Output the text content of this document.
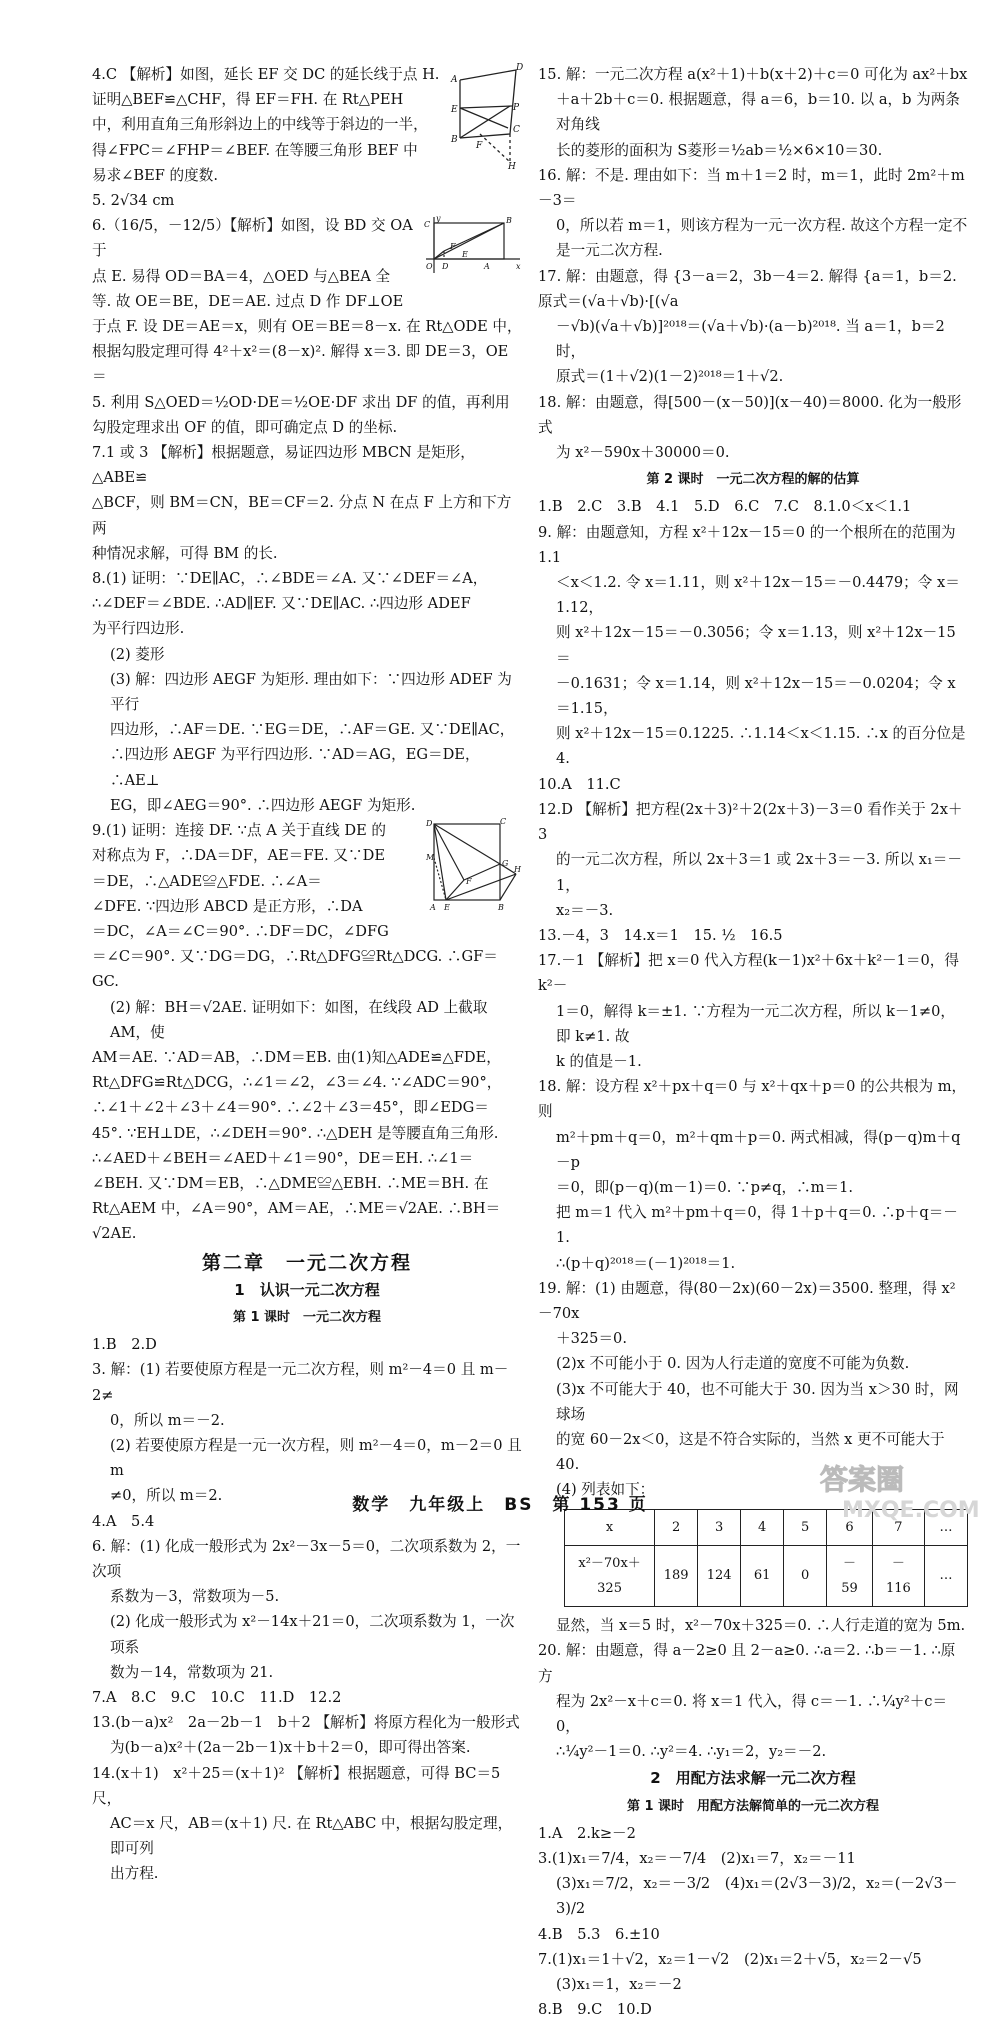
A
D
E	P
C
B
F
H
4.C 【解析】如图，延长 EF 交 DC 的延长线于点 H.
证明△BEF≌△CHF，得 EF＝FH. 在 Rt△PEH
中，利用直角三角形斜边上的中线等于斜边的一半，
得∠FPC＝∠FHP＝∠BEF. 在等腰三角形 BEF 中
易求∠BEF 的度数.
5. 2√34 cm
y	B
O
E
A	x
F
D
C
6.（16/5，－12/5）【解析】如图，设 BD 交 OA 于
点 E. 易得 OD＝BA＝4，△OED 与△BEA 全
等. 故 OE＝BE，DE＝AE. 过点 D 作 DF⊥OE
于点 F. 设 DE＝AE＝x，则有 OE＝BE＝8－x. 在 Rt△ODE 中，
根据勾股定理可得 4²＋x²＝(8－x)². 解得 x＝3. 即 DE＝3，OE＝
5. 利用 S△OED＝½OD·DE＝½OE·DF 求出 DF 的值，再利用
勾股定理求出 OF 的值，即可确定点 D 的坐标.
7.1 或 3 【解析】根据题意，易证四边形 MBCN 是矩形，△ABE≌
△BCF，则 BM＝CN，BE＝CF＝2. 分点 N 在点 F 上方和下方两
种情况求解，可得 BM 的长.
8.(1) 证明：∵DE∥AC，∴∠BDE＝∠A. 又∵∠DEF＝∠A，
∴∠DEF＝∠BDE. ∴AD∥EF. 又∵DE∥AC. ∴四边形 ADEF
为平行四边形.
(2) 菱形
(3) 解：四边形 AEGF 为矩形. 理由如下：∵四边形 ADEF 为平行
四边形，∴AF＝DE. ∵EG＝DE，∴AF＝GE. 又∵DE∥AC，
∴四边形 AEGF 为平行四边形. ∵AD＝AG，EG＝DE，∴AE⊥
EG，即∠AEG＝90°. ∴四边形 AEGF 为矩形.
D	C
M
G
F
H
A E	B
9.(1) 证明：连接 DF. ∵点 A 关于直线 DE 的
对称点为 F，∴DA＝DF，AE＝FE. 又∵DE
＝DE，∴△ADE≌△FDE. ∴∠A＝
∠DFE. ∵四边形 ABCD 是正方形，∴DA
＝DC，∠A＝∠C＝90°. ∴DF＝DC，∠DFG
＝∠C＝90°. 又∵DG＝DG，∴Rt△DFG≌Rt△DCG. ∴GF＝
GC.
(2) 解：BH＝√2AE. 证明如下：如图，在线段 AD 上截取 AM，使
AM＝AE. ∵AD＝AB，∴DM＝EB. 由(1)知△ADE≌△FDE，
Rt△DFG≌Rt△DCG，∴∠1＝∠2，∠3＝∠4. ∵∠ADC＝90°，
∴∠1＋∠2＋∠3＋∠4＝90°. ∴∠2＋∠3＝45°，即∠EDG＝
45°. ∵EH⊥DE，∴∠DEH＝90°. ∴△DEH 是等腰直角三角形.
∴∠AED＋∠BEH＝∠AED＋∠1＝90°，DE＝EH. ∴∠1＝
∠BEH. 又∵DM＝EB，∴△DME≌△EBH. ∴ME＝BH. 在
Rt△AEM 中，∠A＝90°，AM＝AE，∴ME＝√2AE. ∴BH＝√2AE.
第二章　一元二次方程
1　认识一元二次方程
第 1 课时　一元二次方程
1.B　2.D
3. 解：(1) 若要使原方程是一元二次方程，则 m²－4＝0 且 m－2≠
0，所以 m＝－2.
(2) 若要使原方程是一元一次方程，则 m²－4＝0，m－2＝0 且 m
≠0，所以 m＝2.
4.A　5.4
6. 解：(1) 化成一般形式为 2x²－3x－5＝0，二次项系数为 2，一次项
系数为－3，常数项为－5.
(2) 化成一般形式为 x²－14x＋21＝0，二次项系数为 1，一次项系
数为－14，常数项为 21.
7.A　8.C　9.C　10.C　11.D　12.2
13.(b－a)x²　2a－2b－1　b＋2 【解析】将原方程化为一般形式
为(b－a)x²＋(2a－2b－1)x＋b＋2＝0，即可得出答案.
14.(x＋1)　x²＋25＝(x＋1)² 【解析】根据题意，可得 BC＝5 尺，
AC＝x 尺，AB＝(x＋1) 尺. 在 Rt△ABC 中，根据勾股定理，即可列
出方程.
15. 解：一元二次方程 a(x²＋1)＋b(x＋2)＋c＝0 可化为 ax²＋bx
＋a＋2b＋c＝0. 根据题意，得 a＝6，b＝10. 以 a，b 为两条对角线
长的菱形的面积为 S菱形＝½ab＝½×6×10＝30.
16. 解：不是. 理由如下：当 m＋1＝2 时，m＝1，此时 2m²＋m－3＝
0，所以若 m＝1，则该方程为一元一次方程. 故这个方程一定不
是一元二次方程.
17. 解：由题意，得 {3－a＝2，3b－4＝2. 解得 {a＝1，b＝2. 原式＝(√a＋√b)·[(√a
－√b)(√a＋√b)]²⁰¹⁸＝(√a＋√b)·(a－b)²⁰¹⁸. 当 a＝1，b＝2 时，
原式＝(1＋√2)(1－2)²⁰¹⁸＝1＋√2.
18. 解：由题意，得[500－(x－50)](x－40)＝8000. 化为一般形式
为 x²－590x＋30000＝0.
第 2 课时　一元二次方程的解的估算
1.B　2.C　3.B　4.1　5.D　6.C　7.C　8.1.0＜x＜1.1
9. 解：由题意知，方程 x²＋12x－15＝0 的一个根所在的范围为 1.1
＜x＜1.2. 令 x＝1.11，则 x²＋12x－15＝－0.4479；令 x＝1.12，
则 x²＋12x－15＝－0.3056；令 x＝1.13，则 x²＋12x－15＝
－0.1631；令 x＝1.14，则 x²＋12x－15＝－0.0204；令 x＝1.15，
则 x²＋12x－15＝0.1225. ∴1.14＜x＜1.15. ∴x 的百分位是 4.
10.A　11.C
12.D 【解析】把方程(2x＋3)²＋2(2x＋3)－3＝0 看作关于 2x＋3
的一元二次方程，所以 2x＋3＝1 或 2x＋3＝－3. 所以 x₁＝－1，
x₂＝－3.
13.－4，3　14.x＝1　15. ½　16.5
17.－1 【解析】把 x＝0 代入方程(k－1)x²＋6x＋k²－1＝0，得 k²－
1＝0，解得 k＝±1. ∵方程为一元二次方程，所以 k－1≠0，即 k≠1. 故
k 的值是－1.
18. 解：设方程 x²＋px＋q＝0 与 x²＋qx＋p＝0 的公共根为 m，则
m²＋pm＋q＝0，m²＋qm＋p＝0. 两式相减，得(p－q)m＋q－p
＝0，即(p－q)(m－1)＝0. ∵p≠q，∴m＝1.
把 m＝1 代入 m²＋pm＋q＝0，得 1＋p＋q＝0. ∴p＋q＝－1.
∴(p＋q)²⁰¹⁸＝(－1)²⁰¹⁸＝1.
19. 解：(1) 由题意，得(80－2x)(60－2x)＝3500. 整理，得 x²－70x
＋325＝0.
(2)x 不可能小于 0. 因为人行走道的宽度不可能为负数.
(3)x 不可能大于 40，也不可能大于 30. 因为当 x＞30 时，网球场
的宽 60－2x＜0，这是不符合实际的，当然 x 更不可能大于 40.
(4) 列表如下：
x	2	3	4	5	6	7	…
x²－70x＋325	189	124	61	0	－59	－116	…
显然，当 x＝5 时，x²－70x＋325＝0. ∴人行走道的宽为 5m.
20. 解：由题意，得 a－2≥0 且 2－a≥0. ∴a＝2. ∴b＝－1. ∴原方
程为 2x²－x＋c＝0. 将 x＝1 代入，得 c＝－1. ∴¼y²＋c＝0，
∴¼y²－1＝0. ∴y²＝4. ∴y₁＝2，y₂＝－2.
2　用配方法求解一元二次方程
第 1 课时　用配方法解简单的一元二次方程
1.A　2.k≥－2
3.(1)x₁＝7/4，x₂＝－7/4　(2)x₁＝7，x₂＝－11
(3)x₁＝7/2，x₂＝－3/2　(4)x₁＝(2√3－3)/2，x₂＝(－2√3－3)/2
4.B　5.3　6.±10
7.(1)x₁＝1＋√2，x₂＝1－√2　(2)x₁＝2＋√5，x₂＝2－√5
(3)x₁＝1，x₂＝－2
8.B　9.C　10.D
数学　九年级上　BS　第 153 页
答案圈
MXQE.COM
